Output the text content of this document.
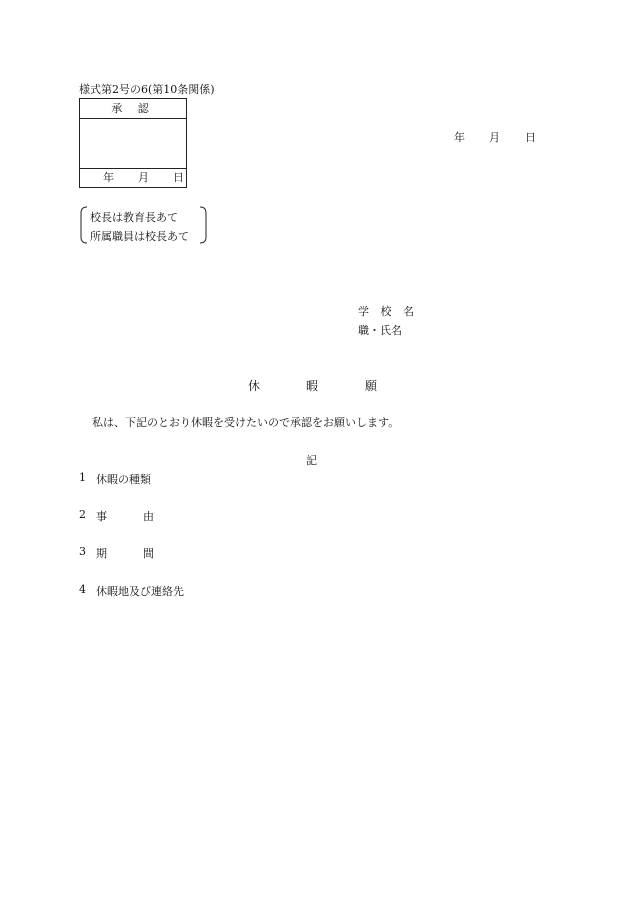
様式第2号の6(第10条関係)
承 認
年 月 日
年 月 日
校長は教育長あて
所属職員は校長あて
学 校 名
職・氏名
休	暇	願
私は、下記のとおり休暇を受けたいので承認をお願いします。
記
1 休暇の種類
2 事	由
3 期	間
4 休暇地及び連絡先
